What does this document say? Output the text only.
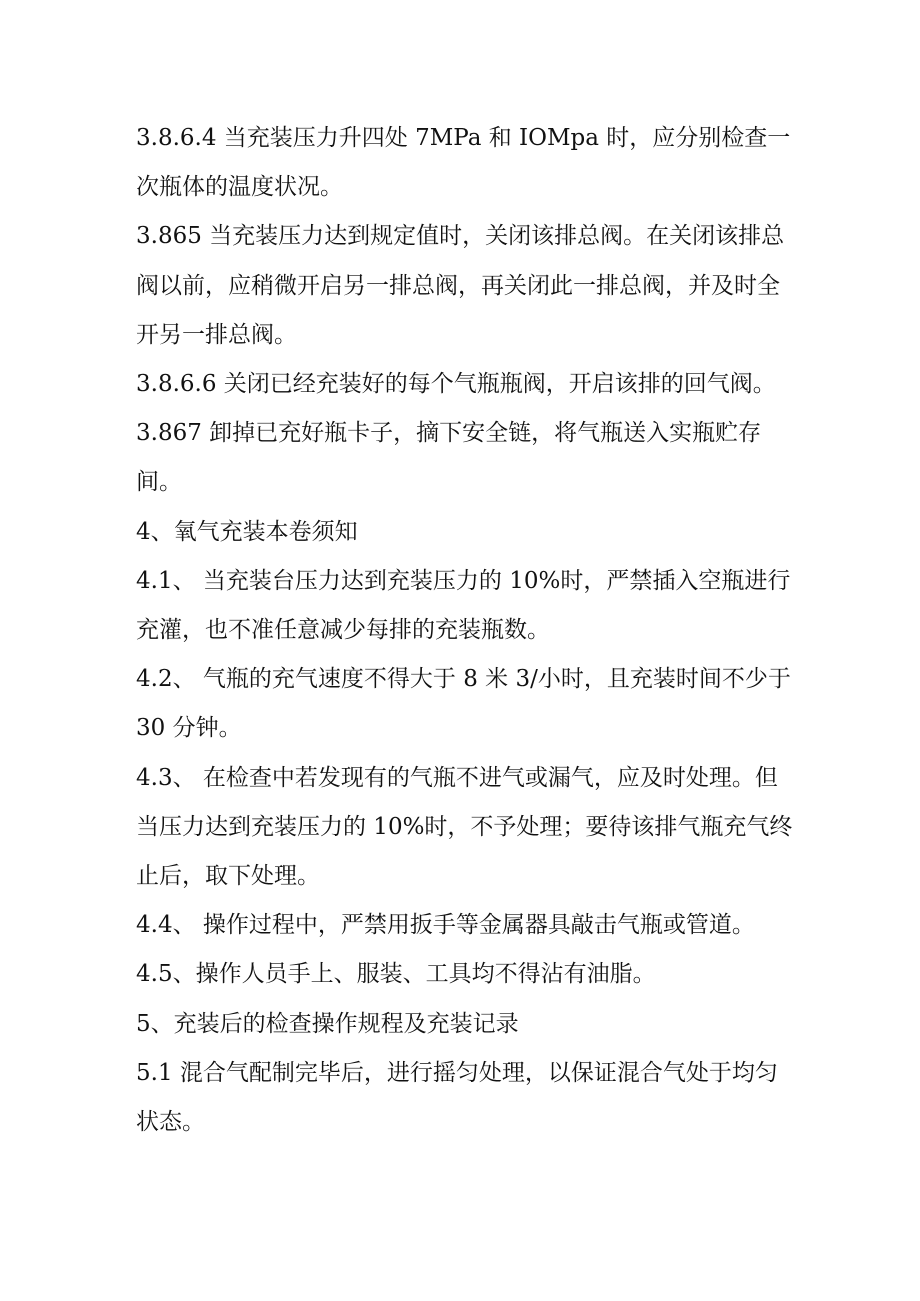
3.8.6.4 当充装压力升四处 7MPa 和 IOMpa 时，应分别检查一次瓶体的温度状况。

3.865 当充装压力达到规定值时，关闭该排总阀。在关闭该排总阀以前，应稍微开启另一排总阀，再关闭此一排总阀，并及时全开另一排总阀。

3.8.6.6 关闭已经充装好的每个气瓶瓶阀，开启该排的回气阀。

3.867 卸掉已充好瓶卡子，摘下安全链，将气瓶送入实瓶贮存间。

4、氧气充装本卷须知

4.1、 当充装台压力达到充装压力的 10%时，严禁插入空瓶进行充灌，也不准任意减少每排的充装瓶数。

4.2、 气瓶的充气速度不得大于 8 米 3/小时，且充装时间不少于 30 分钟。

4.3、 在检查中若发现有的气瓶不进气或漏气，应及时处理。但当压力达到充装压力的 10%时，不予处理；要待该排气瓶充气终止后，取下处理。

4.4、 操作过程中，严禁用扳手等金属器具敲击气瓶或管道。

4.5、操作人员手上、服装、工具均不得沾有油脂。

5、充装后的检查操作规程及充装记录

5.1 混合气配制完毕后，进行摇匀处理，以保证混合气处于均匀状态。
